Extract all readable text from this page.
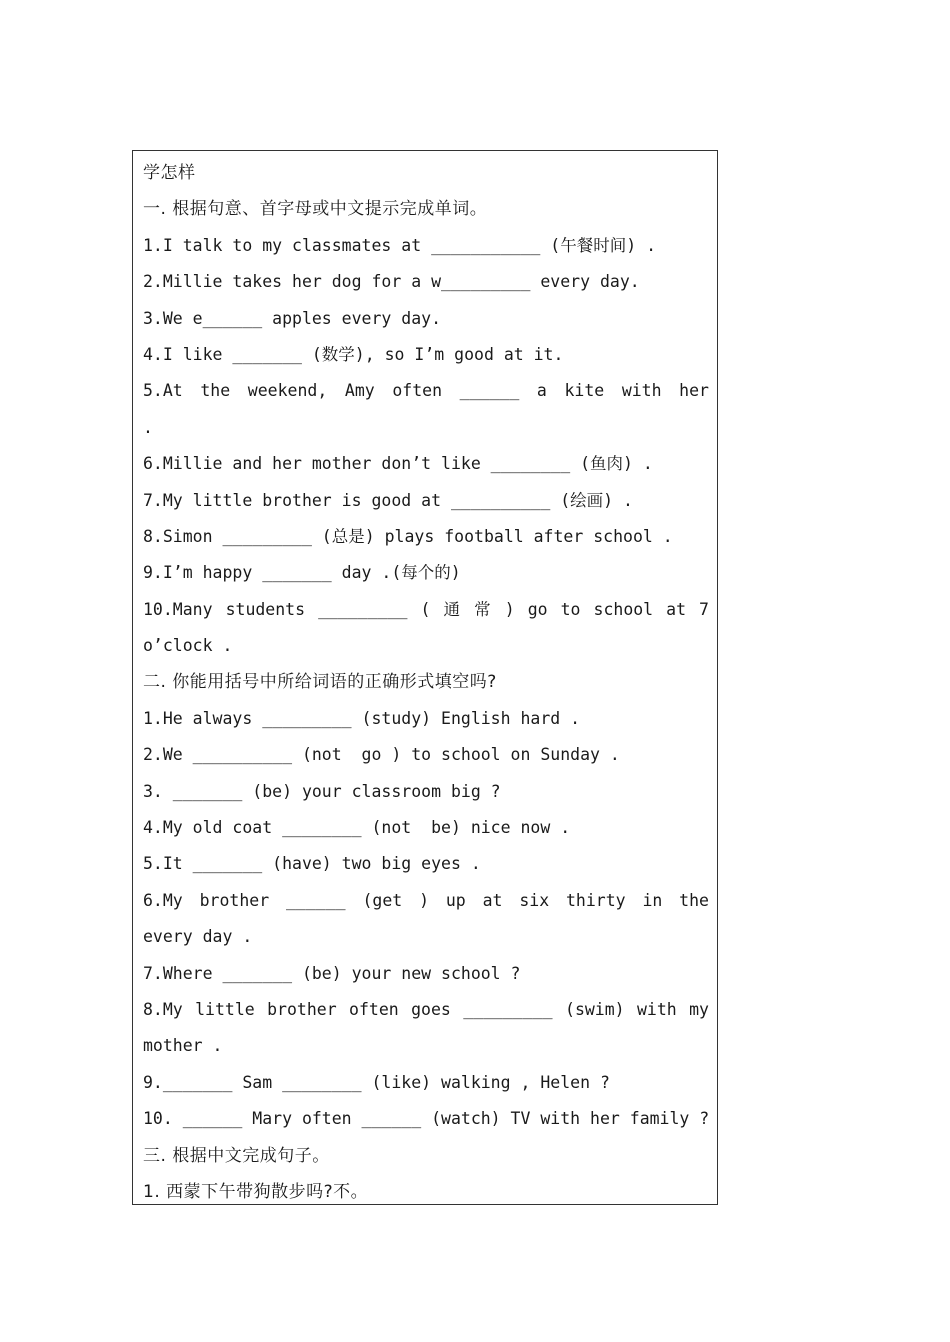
学怎样
一. 根据句意、首字母或中文提示完成单词。
1.I talk to my classmates at ___________ (午餐时间) .
2.Millie takes her dog for a w_________ every day.
3.We e______ apples every day.
4.I like _______ (数学), so I’m good at it.
5.At the weekend, Amy often ______ a kite with her
.
6.Millie and her mother don’t like ________ (鱼肉) .
7.My little brother is good at __________ (绘画) .
8.Simon _________ (总是) plays football after school .
9.I’m happy _______ day .(每个的)
10.Many students _________ ( 通 常 ) go to school at 7
o’clock .
二. 你能用括号中所给词语的正确形式填空吗?
1.He always _________ (study) English hard .
2.We __________ (not  go ) to school on Sunday .
3. _______ (be) your classroom big ?
4.My old coat ________ (not  be) nice now .
5.It _______ (have) two big eyes .
6.My brother ______ (get ) up at six thirty in the
every day .
7.Where _______ (be) your new school ?
8.My little brother often goes _________ (swim) with my
mother .
9._______ Sam ________ (like) walking , Helen ?
10. ______ Mary often ______ (watch) TV with her family ?
三. 根据中文完成句子。
1. 西蒙下午带狗散步吗?不。
